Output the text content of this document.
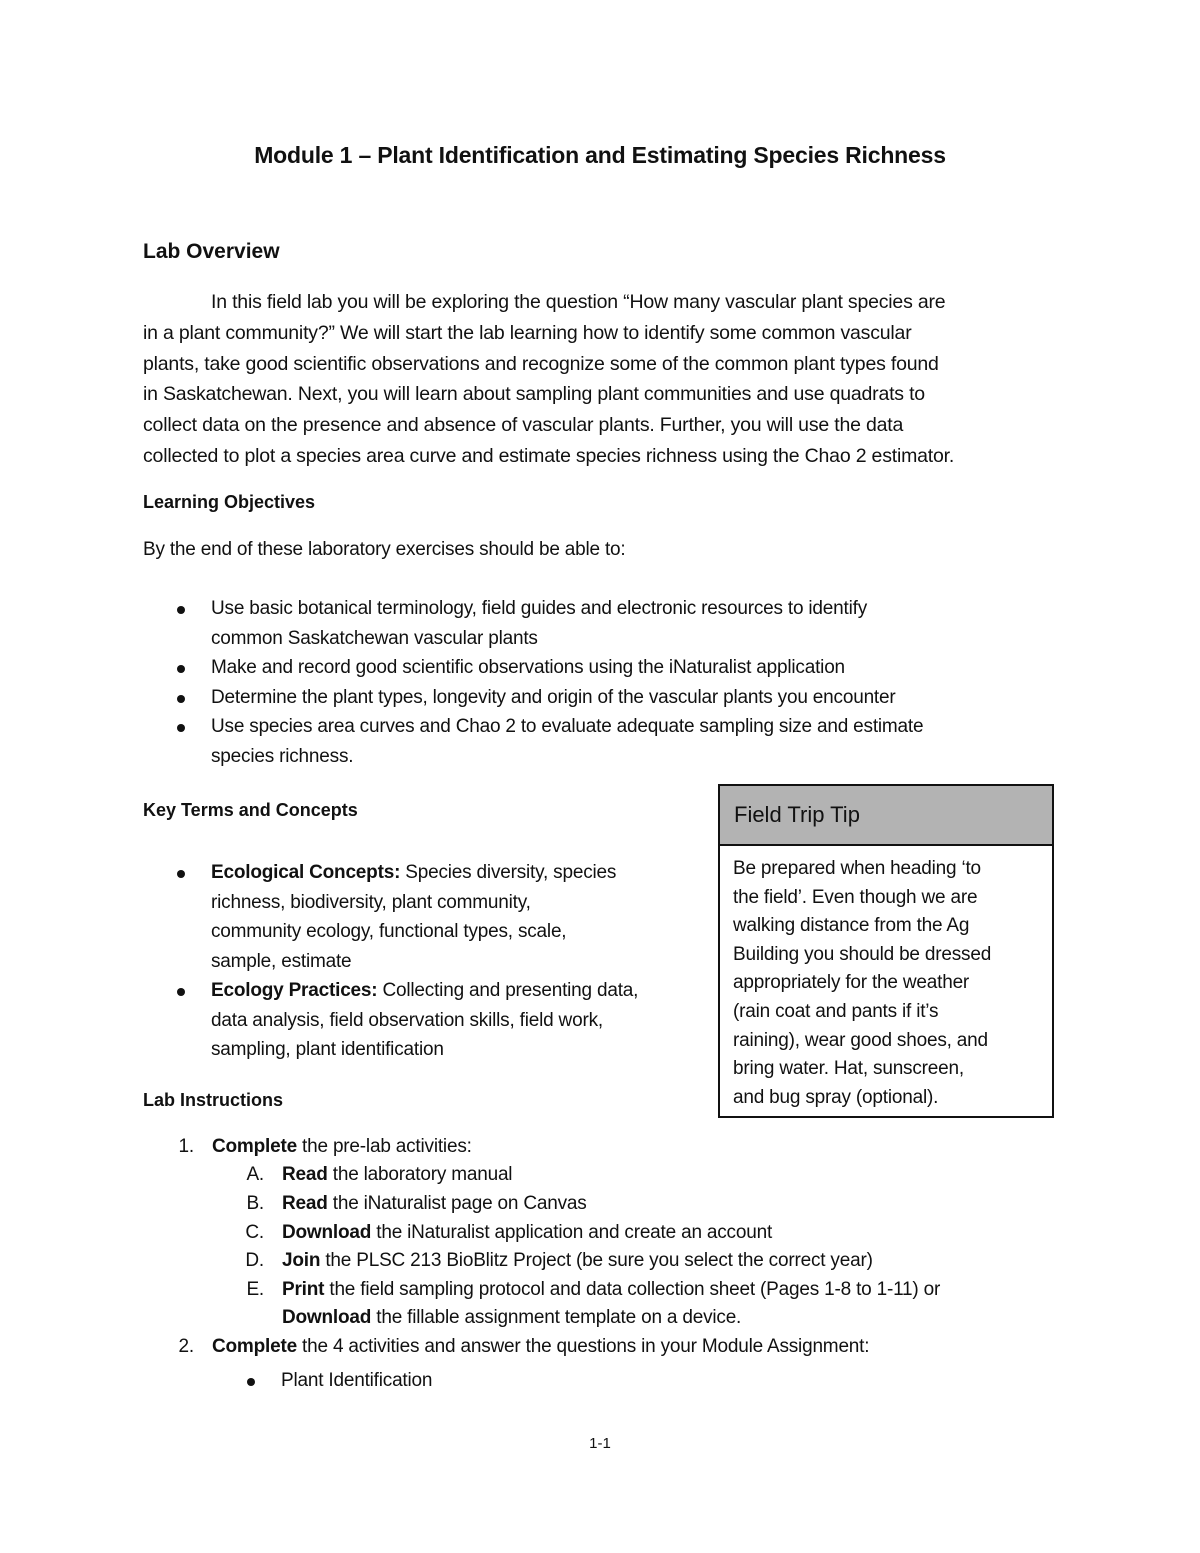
Module 1 – Plant Identification and Estimating Species Richness
Lab Overview
In this field lab you will be exploring the question “How many vascular plant species are
in a plant community?” We will start the lab learning how to identify some common vascular
plants, take good scientific observations and recognize some of the common plant types found
in Saskatchewan. Next, you will learn about sampling plant communities and use quadrats to
collect data on the presence and absence of vascular plants. Further, you will use the data
collected to plot a species area curve and estimate species richness using the Chao 2 estimator.
Learning Objectives
By the end of these laboratory exercises should be able to:
Use basic botanical terminology, field guides and electronic resources to identify
common Saskatchewan vascular plants
Make and record good scientific observations using the iNaturalist application
Determine the plant types, longevity and origin of the vascular plants you encounter
Use species area curves and Chao 2 to evaluate adequate sampling size and estimate
species richness.
Key Terms and Concepts
Ecological Concepts: Species diversity, species
richness, biodiversity, plant community,
community ecology, functional types, scale,
sample, estimate
Ecology Practices: Collecting and presenting data,
data analysis, field observation skills, field work,
sampling, plant identification
Field Trip Tip
Be prepared when heading ‘to
the field’. Even though we are
walking distance from the Ag
Building you should be dressed
appropriately for the weather
(rain coat and pants if it’s
raining), wear good shoes, and
bring water. Hat, sunscreen,
and bug spray (optional).
Lab Instructions
1. Complete the pre-lab activities:
A. Read the laboratory manual
B. Read the iNaturalist page on Canvas
C. Download the iNaturalist application and create an account
D. Join the PLSC 213 BioBlitz Project (be sure you select the correct year)
E. Print the field sampling protocol and data collection sheet (Pages 1-8 to 1-11) or
Download the fillable assignment template on a device.
2. Complete the 4 activities and answer the questions in your Module Assignment:
Plant Identification
1-1
